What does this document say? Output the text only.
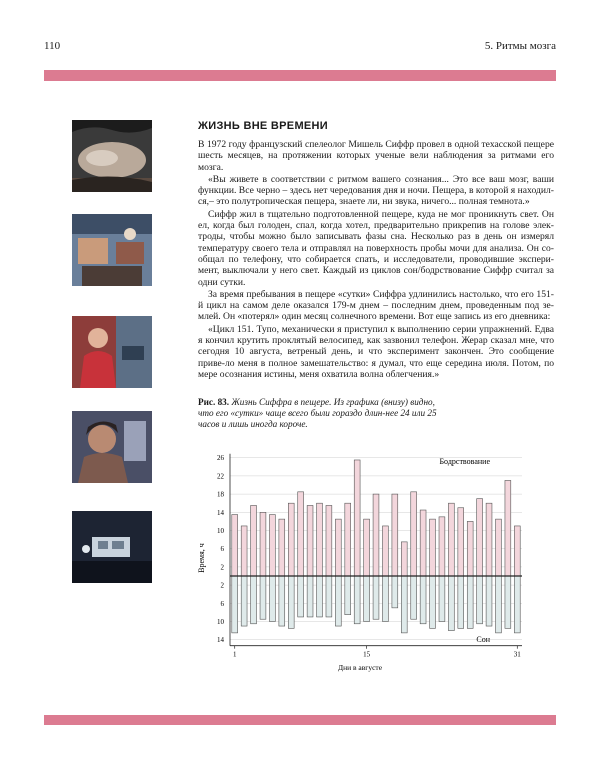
110	5. Ритмы мозга
ЖИЗНЬ ВНЕ ВРЕМЕНИ

В 1972 году французский спелеолог Мишель Сиффр провел в одной техасской пещере шесть месяцев, на протяжении которых ученые вели наблюдения за ритмами его мозга.

«Вы живете в соответствии с ритмом вашего сознания... Это все ваш мозг, ваши функции. Все черно – здесь нет чередования дня и ночи. Пещера, в которой я находил-ся,– это полутропическая пещера, знаете ли, ни звука, ничего... полная темнота.»

Сиффр жил в тщательно подготовленной пещере, куда не мог проникнуть свет. Он ел, когда был голоден, спал, когда хотел, предварительно прикрепив на голове элек-троды, чтобы можно было записывать фазы сна. Несколько раз в день он измерял температуру своего тела и отправлял на поверхность пробы мочи для анализа. Он со-общал по телефону, что собирается спать, и исследователи, проводившие экспери-мент, выключали у него свет. Каждый из циклов сон/бодрствование Сиффр считал за одни сутки.

За время пребывания в пещере «сутки» Сиффра удлинились настолько, что его 151-й цикл на самом деле оказался 179-м днем – последним днем, проведенным под зе-млей. Он «потерял» один месяц солнечного времени. Вот еще запись из его дневника:

«Цикл 151. Тупо, механически я приступил к выполнению серии упражнений. Едва я кончил крутить проклятый велосипед, как зазвонил телефон. Жерар сказал мне, что сегодня 10 августа, ветреный день, и что эксперимент закончен. Это сообщение приве-ло меня в полное замешательство: я думал, что еще середина июля. Потом, по мере осознания истины, меня охватила волна облегчения.»

Рис. 83. Жизнь Сиффра в пещере. Из графика (внизу) видно, что его «сутки» чаще всего были гораздо длин-нее 24 или 25 часов и лишь иногда короче.
2
6
10
14
18
22
26
2
6
10
14
1	15	31
Время, ч
Дни в августе
Бодрствование
Сон
